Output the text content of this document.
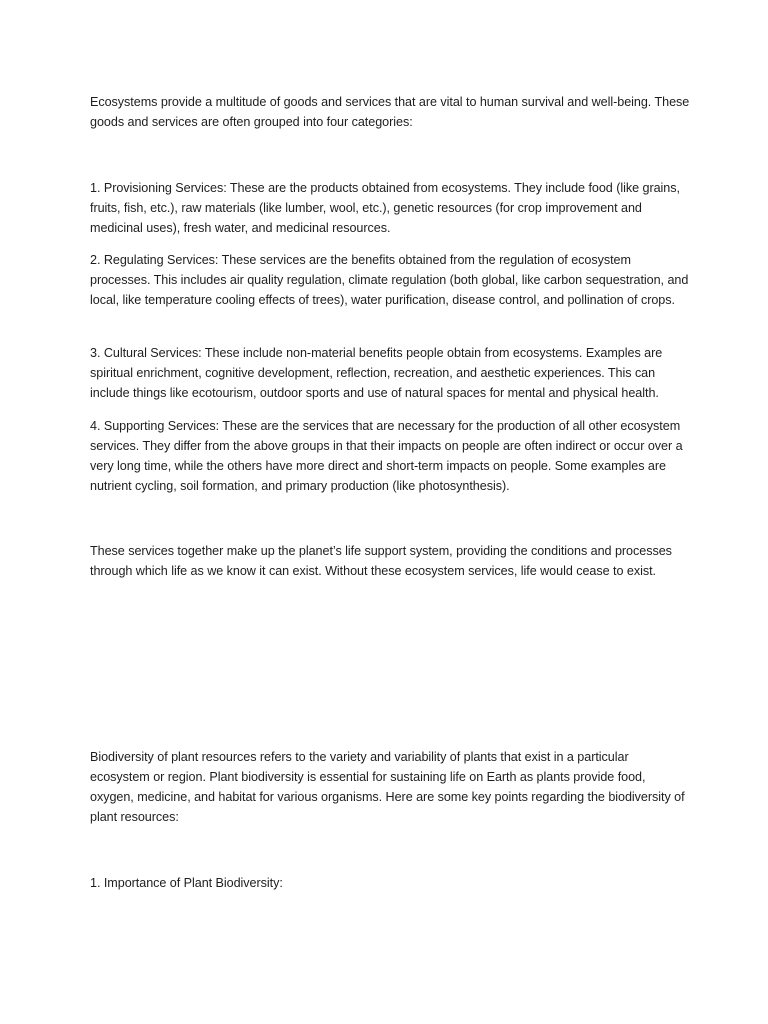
Ecosystems provide a multitude of goods and services that are vital to human survival and well-being. These goods and services are often grouped into four categories:

1. Provisioning Services: These are the products obtained from ecosystems. They include food (like grains, fruits, fish, etc.), raw materials (like lumber, wool, etc.), genetic resources (for crop improvement and medicinal uses), fresh water, and medicinal resources.

2. Regulating Services: These services are the benefits obtained from the regulation of ecosystem processes. This includes air quality regulation, climate regulation (both global, like carbon sequestration, and local, like temperature cooling effects of trees), water purification, disease control, and pollination of crops.

3. Cultural Services: These include non-material benefits people obtain from ecosystems. Examples are spiritual enrichment, cognitive development, reflection, recreation, and aesthetic experiences. This can include things like ecotourism, outdoor sports and use of natural spaces for mental and physical health.

4. Supporting Services: These are the services that are necessary for the production of all other ecosystem services. They differ from the above groups in that their impacts on people are often indirect or occur over a very long time, while the others have more direct and short-term impacts on people. Some examples are nutrient cycling, soil formation, and primary production (like photosynthesis).

These services together make up the planet’s life support system, providing the conditions and processes through which life as we know it can exist. Without these ecosystem services, life would cease to exist.

Biodiversity of plant resources refers to the variety and variability of plants that exist in a particular ecosystem or region. Plant biodiversity is essential for sustaining life on Earth as plants provide food, oxygen, medicine, and habitat for various organisms. Here are some key points regarding the biodiversity of plant resources:

1. Importance of Plant Biodiversity:
